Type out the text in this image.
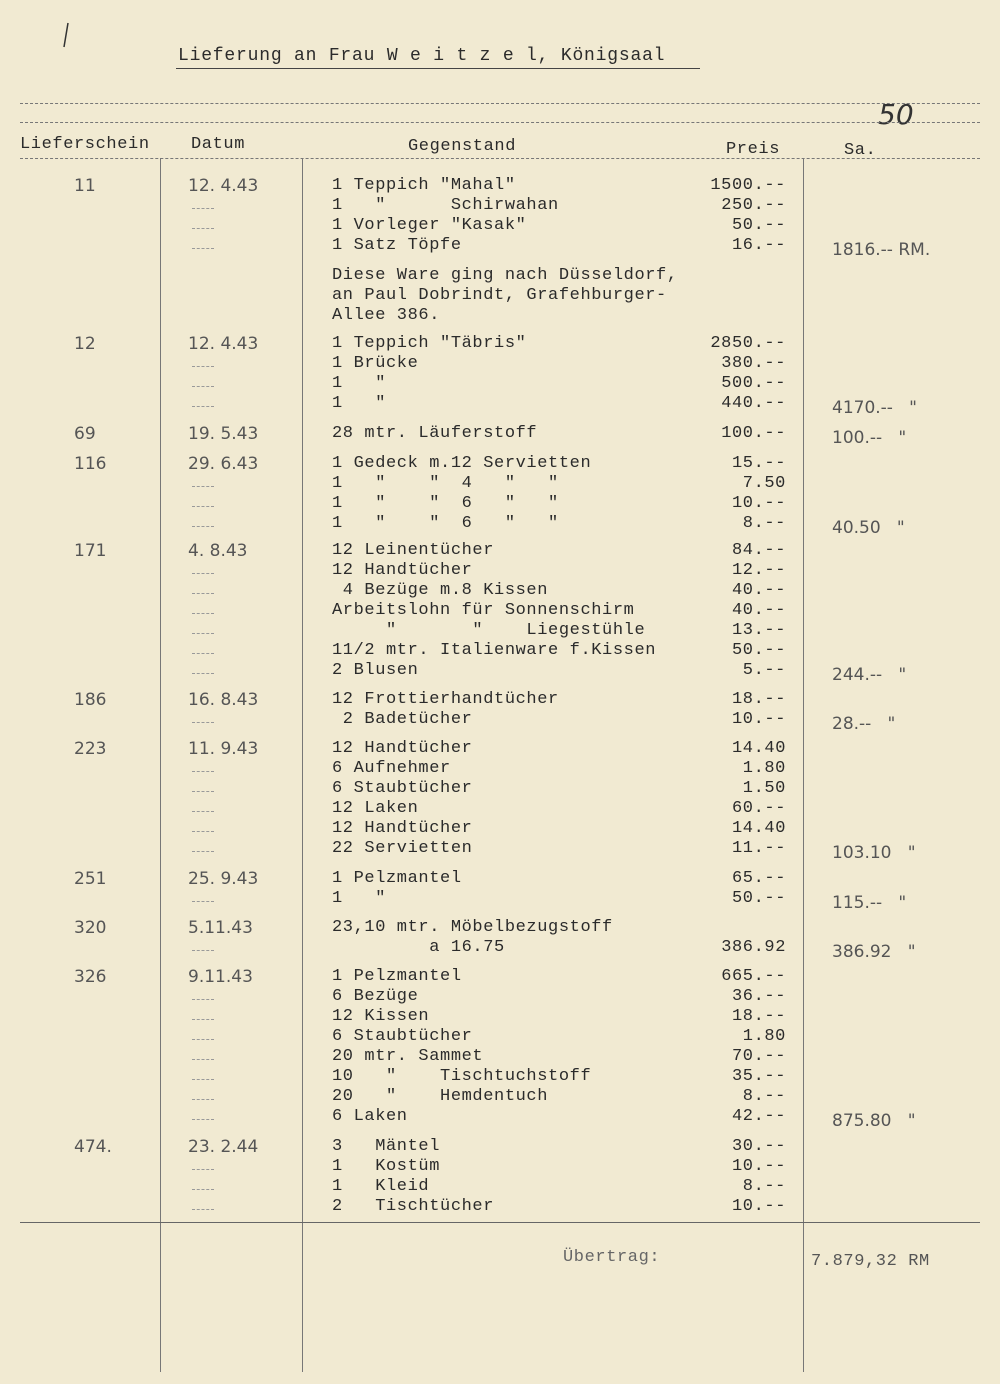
Lieferung an Frau W e i t z e l, Königsaal
50
Lieferschein Datum	Gegenstand	Preis	Sa.
11	12. 4.43	1 Teppich "Mahal"	1500.--
1   "      Schirwahan	250.--
1 Vorleger "Kasak"	50.--
1 Satz Töpfe	16.--	1816.-- RM.
Diese Ware ging nach Düsseldorf,
an Paul Dobrindt, Grafehburger-
Allee 386.
12	12. 4.43	1 Teppich "Täbris"	2850.--
1 Brücke	380.--
1   "	500.--
1   "	440.--	4170.--   "
69	19. 5.43	28 mtr. Läuferstoff	100.--	100.--   "
116	29. 6.43	1 Gedeck m.12 Servietten	15.--
1   "    "  4   "   "	7.50
1   "    "  6   "   "	10.--
1   "    "  6   "   "	8.--	40.50   "
171	4. 8.43	12 Leinentücher	84.--
12 Handtücher	12.--
4 Bezüge m.8 Kissen	40.--
Arbeitslohn für Sonnenschirm	40.--
"       "    Liegestühle	13.--
11/2 mtr. Italienware f.Kissen	50.--
2 Blusen	5.--	244.--   "
186	16. 8.43	12 Frottierhandtücher	18.--
2 Badetücher	10.--	28.--   "
223	11. 9.43	12 Handtücher	14.40
6 Aufnehmer	1.80
6 Staubtücher	1.50
12 Laken	60.--
12 Handtücher	14.40
22 Servietten	11.--	103.10   "
251	25. 9.43	1 Pelzmantel	65.--
1   "	50.--	115.--   "
320	5.11.43	23,10 mtr. Möbelbezugstoff
a 16.75	386.92	386.92   "
326	9.11.43	1 Pelzmantel	665.--
6 Bezüge	36.--
12 Kissen	18.--
6 Staubtücher	1.80
20 mtr. Sammet	70.--
10   "    Tischtuchstoff	35.--
20   "    Hemdentuch	8.--
6 Laken	42.--	875.80   "
474.	23. 2.44	3   Mäntel	30.--
1   Kostüm	10.--
1   Kleid	8.--
2   Tischtücher	10.--
Übertrag:	7.879,32 RM
